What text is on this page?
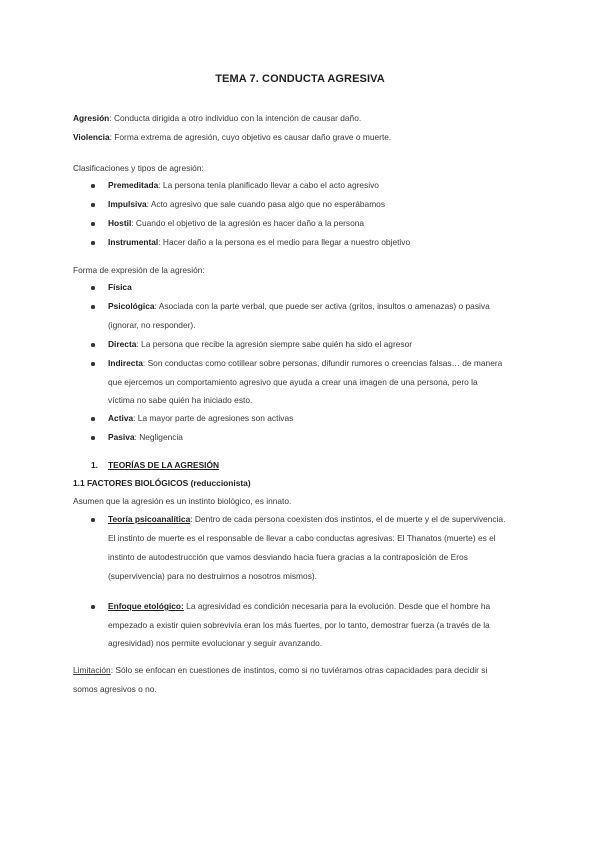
TEMA 7. CONDUCTA AGRESIVA
Agresión: Conducta dirigida a otro individuo con la intención de causar daño.
Violencia: Forma extrema de agresión, cuyo objetivo es causar daño grave o muerte.
Clasificaciones y tipos de agresión:
Premeditada: La persona tenía planificado llevar a cabo el acto agresivo
Impulsiva: Acto agresivo que sale cuando pasa algo que no esperábamos
Hostil: Cuando el objetivo de la agresión es hacer daño a la persona
Instrumental: Hacer daño a la persona es el medio para llegar a nuestro objetivo
Forma de expresión de la agresión:
Física
Psicológica: Asociada con la parte verbal, que puede ser activa (gritos, insultos o amenazas) o pasiva
(ignorar, no responder).
Directa: La persona que recibe la agresión siempre sabe quién ha sido el agresor
Indirecta: Son conductas como cotillear sobre personas, difundir rumores o creencias falsas… de manera
que ejercemos un comportamiento agresivo que ayuda a crear una imagen de una persona, pero la
víctima no sabe quién ha iniciado esto.
Activa: La mayor parte de agresiones son activas
Pasiva: Negligencia
1. TEORÍAS DE LA AGRESIÓN
1.1 FACTORES BIOLÓGICOS (reduccionista)
Asumen que la agresión es un instinto biológico, es innato.
Teoría psicoanalítica: Dentro de cada persona coexisten dos instintos, el de muerte y el de supervivencia.
El instinto de muerte es el responsable de llevar a cabo conductas agresivas: El Thanatos (muerte) es el
instinto de autodestrucción que vamos desviando hacia fuera gracias a la contraposición de Eros
(supervivencia) para no destruirnos a nosotros mismos).
Enfoque etológico: La agresividad es condición necesaria para la evolución. Desde que el hombre ha
empezado a existir quien sobrevivía eran los más fuertes, por lo tanto, demostrar fuerza (a través de la
agresividad) nos permite evolucionar y seguir avanzando.
Limitación: Sólo se enfocan en cuestiones de instintos, como si no tuviéramos otras capacidades para decidir si
somos agresivos o no.
